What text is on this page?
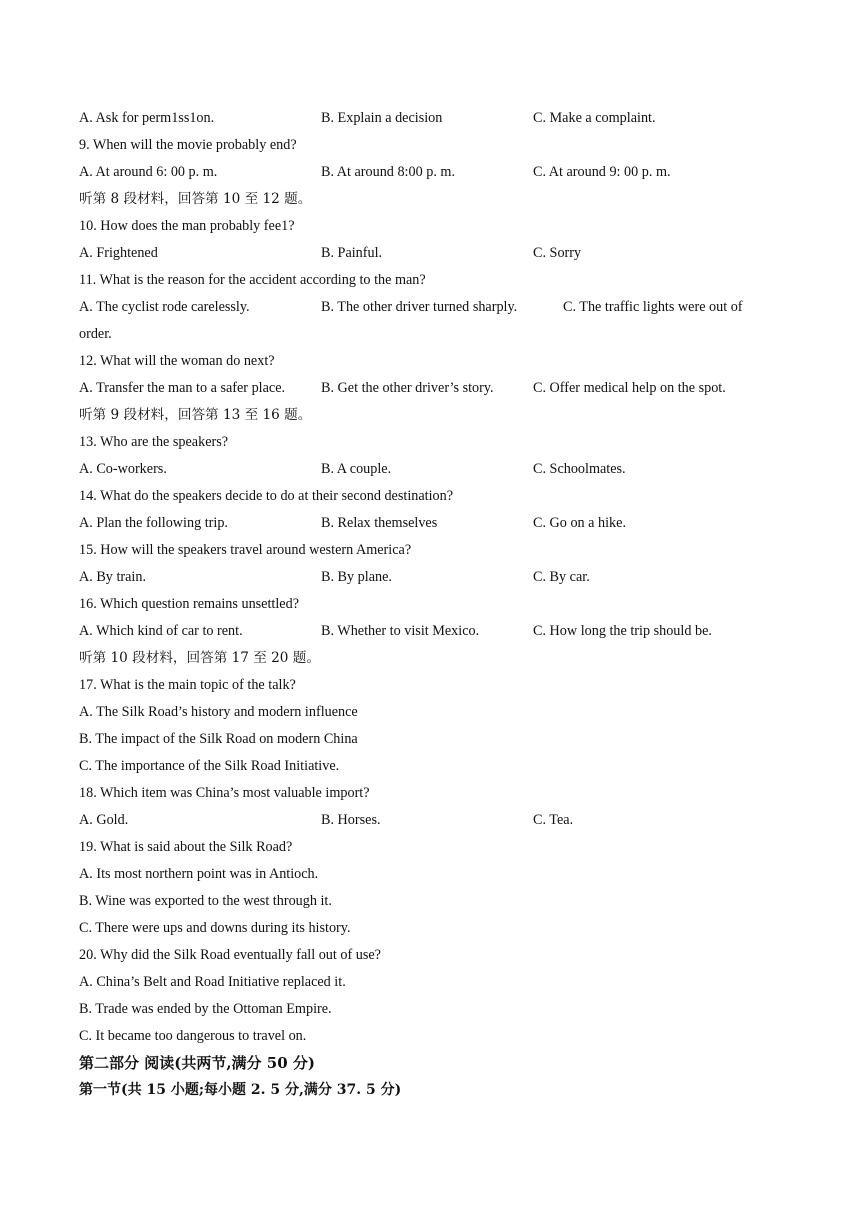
A. Ask for perm1ss1on.	B. Explain a decision	C. Make a complaint.
9. When will the movie probably end?
A. At around 6: 00 p. m.	B. At around 8:00 p. m.	C. At around 9: 00 p. m.
听第 8 段材料，回答第 10 至 12 题。
10. How does the man probably fee1?
A. Frightened	B. Painful.	C. Sorry
11. What is the reason for the accident according to the man?
A. The cyclist rode carelessly.	B. The other driver turned sharply.	C. The traffic lights were out of
order.
12. What will the woman do next?
A. Transfer the man to a safer place.	B. Get the other driver’s story.	C. Offer medical help on the spot.
听第 9 段材料，回答第 13 至 16 题。
13. Who are the speakers?
A. Co-workers.	B. A couple.	C. Schoolmates.
14. What do the speakers decide to do at their second destination?
A. Plan the following trip.	B. Relax themselves	C. Go on a hike.
15. How will the speakers travel around western America?
A. By train.	B. By plane.	C. By car.
16. Which question remains unsettled?
A. Which kind of car to rent.	B. Whether to visit Mexico.	C. How long the trip should be.
听第 10 段材料，回答第 17 至 20 题。
17. What is the main topic of the talk?
A. The Silk Road’s history and modern influence
B. The impact of the Silk Road on modern China
C. The importance of the Silk Road Initiative.
18. Which item was China’s most valuable import?
A. Gold.	B. Horses.	C. Tea.
19. What is said about the Silk Road?
A. Its most northern point was in Antioch.
B. Wine was exported to the west through it.
C. There were ups and downs during its history.
20. Why did the Silk Road eventually fall out of use?
A. China’s Belt and Road Initiative replaced it.
B. Trade was ended by the Ottoman Empire.
C. It became too dangerous to travel on.
第二部分 阅读(共两节,满分 50 分)
第一节(共 15 小题;每小题 2. 5 分,满分 37. 5 分)
